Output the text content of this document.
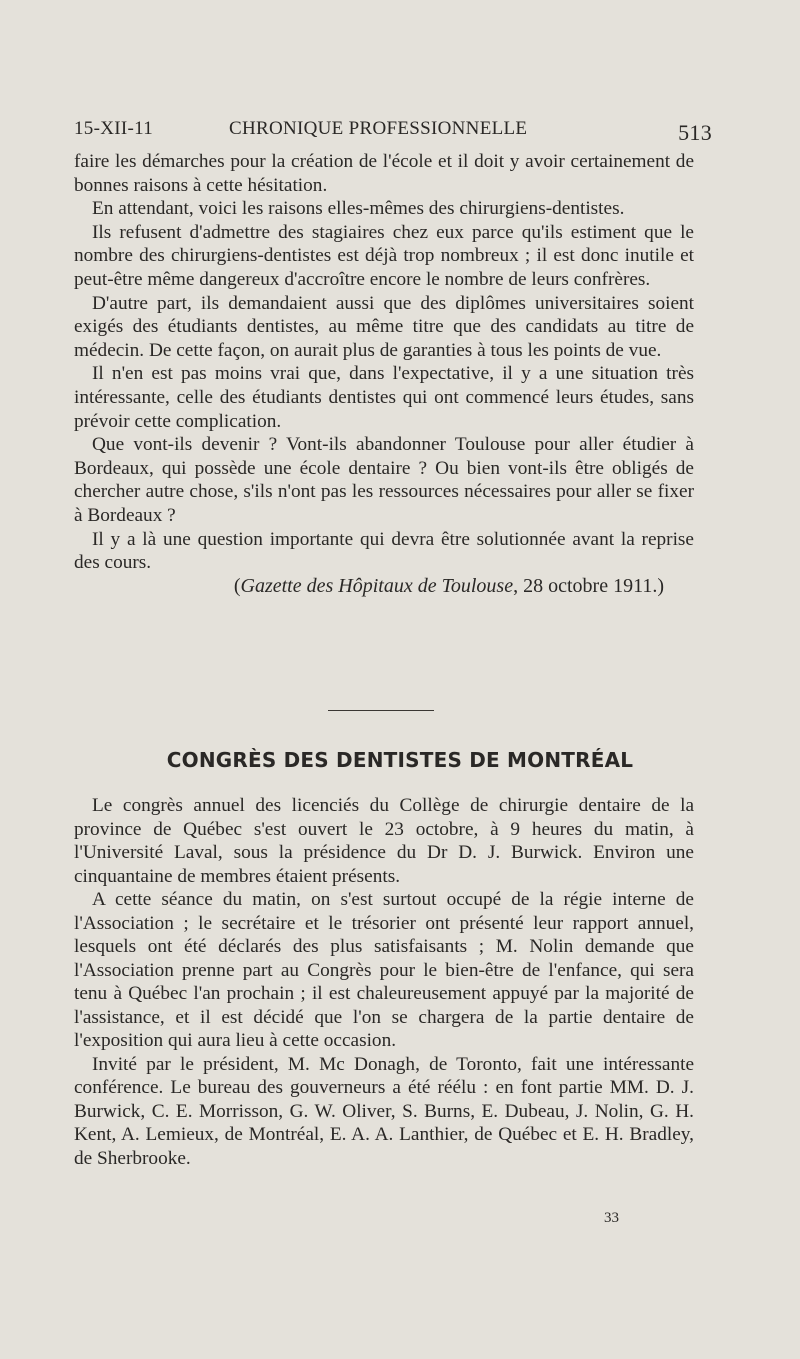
15-XII-11	CHRONIQUE PROFESSIONNELLE	513

faire les démarches pour la création de l'école et il doit y avoir certainement de bonnes raisons à cette hésitation.

En attendant, voici les raisons elles-mêmes des chirurgiens-dentistes.

Ils refusent d'admettre des stagiaires chez eux parce qu'ils estiment que le nombre des chirurgiens-dentistes est déjà trop nombreux ; il est donc inutile et peut-être même dangereux d'accroître encore le nombre de leurs confrères.

D'autre part, ils demandaient aussi que des diplômes universitaires soient exigés des étudiants dentistes, au même titre que des candidats au titre de médecin. De cette façon, on aurait plus de garanties à tous les points de vue.

Il n'en est pas moins vrai que, dans l'expectative, il y a une situation très intéressante, celle des étudiants dentistes qui ont commencé leurs études, sans prévoir cette complication.

Que vont-ils devenir ? Vont-ils abandonner Toulouse pour aller étudier à Bordeaux, qui possède une école dentaire ? Ou bien vont-ils être obligés de chercher autre chose, s'ils n'ont pas les ressources nécessaires pour aller se fixer à Bordeaux ?

Il y a là une question importante qui devra être solutionnée avant la reprise des cours.

(Gazette des Hôpitaux de Toulouse, 28 octobre 1911.)

CONGRÈS DES DENTISTES DE MONTRÉAL

Le congrès annuel des licenciés du Collège de chirurgie dentaire de la province de Québec s'est ouvert le 23 octobre, à 9 heures du matin, à l'Université Laval, sous la présidence du Dr D. J. Burwick. Environ une cinquantaine de membres étaient présents.

A cette séance du matin, on s'est surtout occupé de la régie interne de l'Association ; le secrétaire et le trésorier ont présenté leur rapport annuel, lesquels ont été déclarés des plus satisfaisants ; M. Nolin demande que l'Association prenne part au Congrès pour le bien-être de l'enfance, qui sera tenu à Québec l'an prochain ; il est chaleureusement appuyé par la majorité de l'assistance, et il est décidé que l'on se chargera de la partie dentaire de l'exposition qui aura lieu à cette occasion.

Invité par le président, M. Mc Donagh, de Toronto, fait une intéressante conférence. Le bureau des gouverneurs a été réélu : en font partie MM. D. J. Burwick, C. E. Morrisson, G. W. Oliver, S. Burns, E. Dubeau, J. Nolin, G. H. Kent, A. Lemieux, de Montréal, E. A. A. Lanthier, de Québec et E. H. Bradley, de Sherbrooke.

33
